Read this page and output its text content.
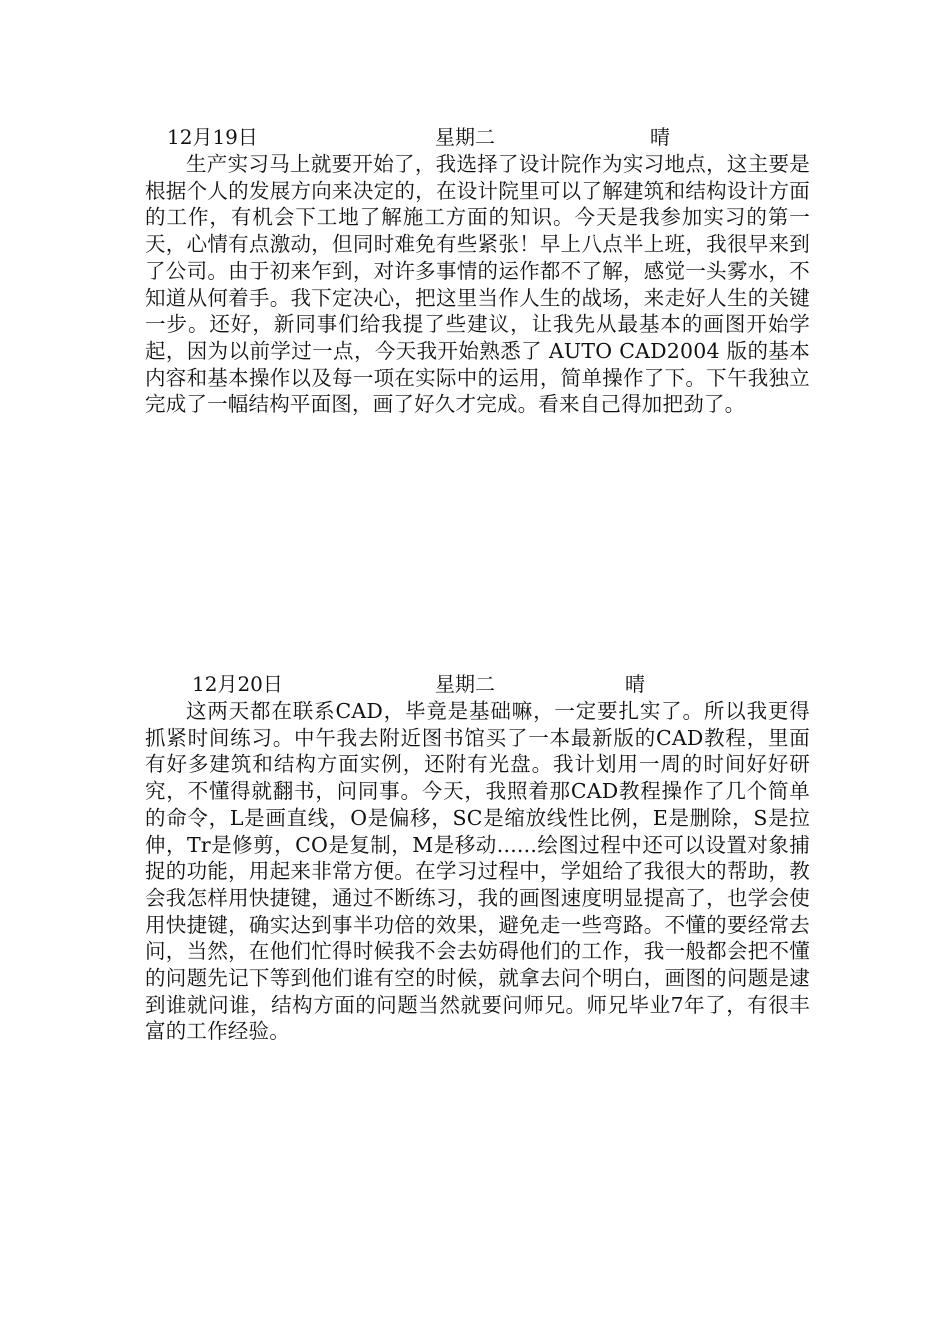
12月19日	星期二	晴

生产实习马上就要开始了，我选择了设计院作为实习地点，这主要是根据个人的发展方向来决定的，在设计院里可以了解建筑和结构设计方面的工作，有机会下工地了解施工方面的知识。今天是我参加实习的第一天，心情有点激动，但同时难免有些紧张！早上八点半上班，我很早来到了公司。由于初来乍到，对许多事情的运作都不了解，感觉一头雾水，不知道从何着手。我下定决心，把这里当作人生的战场，来走好人生的关键一步。还好，新同事们给我提了些建议，让我先从最基本的画图开始学起，因为以前学过一点，今天我开始熟悉了 AUTO CAD2004 版的基本内容和基本操作以及每一项在实际中的运用，简单操作了下。下午我独立完成了一幅结构平面图，画了好久才完成。看来自己得加把劲了。

12月20日	星期二	晴

这两天都在联系CAD，毕竟是基础嘛，一定要扎实了。所以我更得抓紧时间练习。中午我去附近图书馆买了一本最新版的CAD教程，里面有好多建筑和结构方面实例，还附有光盘。我计划用一周的时间好好研究，不懂得就翻书，问同事。今天，我照着那CAD教程操作了几个简单的命令，L是画直线，O是偏移，SC是缩放线性比例，E是删除，S是拉伸，Tr是修剪，CO是复制，M是移动......绘图过程中还可以设置对象捕捉的功能，用起来非常方便。在学习过程中，学姐给了我很大的帮助，教会我怎样用快捷键，通过不断练习，我的画图速度明显提高了，也学会使用快捷键，确实达到事半功倍的效果，避免走一些弯路。不懂的要经常去问，当然，在他们忙得时候我不会去妨碍他们的工作，我一般都会把不懂的问题先记下等到他们谁有空的时候，就拿去问个明白，画图的问题是逮到谁就问谁，结构方面的问题当然就要问师兄。师兄毕业7年了，有很丰富的工作经验。
